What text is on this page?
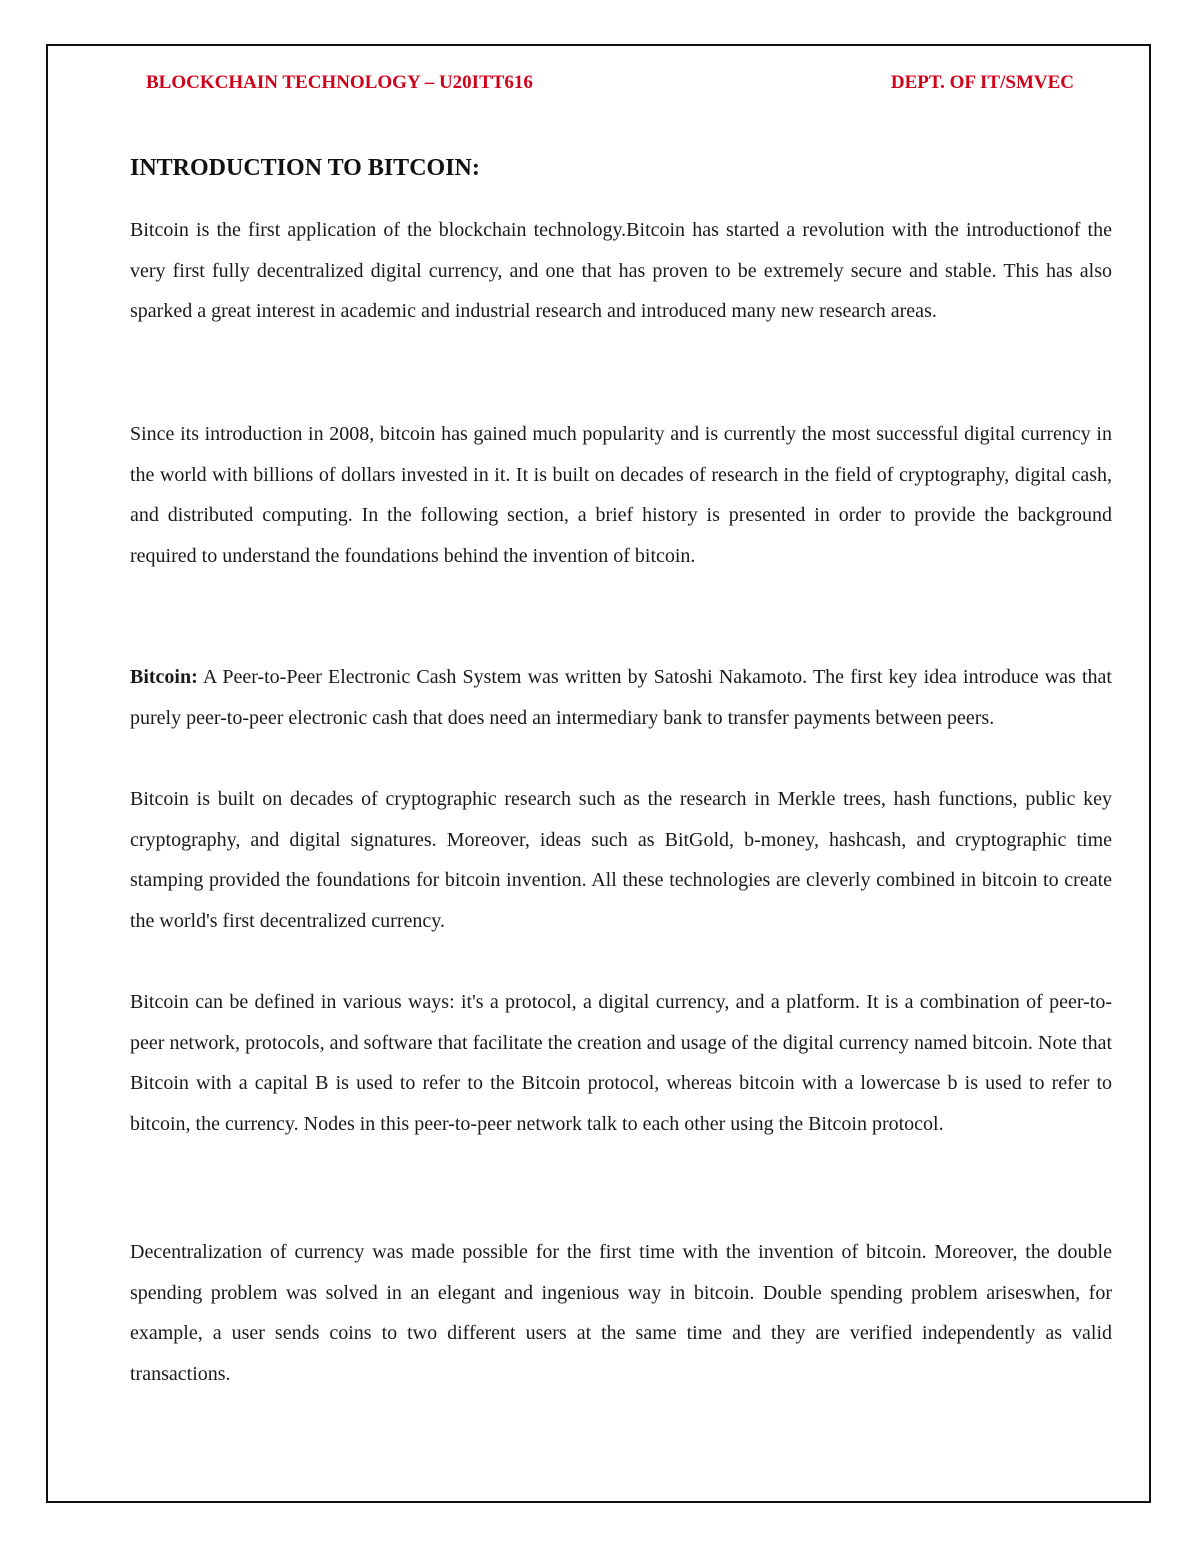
BLOCKCHAIN TECHNOLOGY – U20ITT616	DEPT. OF IT/SMVEC
INTRODUCTION TO BITCOIN:

Bitcoin is the first application of the blockchain technology.Bitcoin has started a revolution with the introductionof the very first fully decentralized digital currency, and one that has proven to be extremely secure and stable. This has also sparked a great interest in academic and industrial research and introduced many new research areas.

Since its introduction in 2008, bitcoin has gained much popularity and is currently the most successful digital currency in the world with billions of dollars invested in it. It is built on decades of research in the field of cryptography, digital cash, and distributed computing. In the following section, a brief history is presented in order to provide the background required to understand the foundations behind the invention of bitcoin.

Bitcoin: A Peer-to-Peer Electronic Cash System was written by Satoshi Nakamoto. The first key idea introduce was that purely peer-to-peer electronic cash that does need an intermediary bank to transfer payments between peers.

Bitcoin is built on decades of cryptographic research such as the research in Merkle trees, hash functions, public key cryptography, and digital signatures. Moreover, ideas such as BitGold, b-money, hashcash, and cryptographic time stamping provided the foundations for bitcoin invention. All these technologies are cleverly combined in bitcoin to create the world's first decentralized currency.

Bitcoin can be defined in various ways: it's a protocol, a digital currency, and a platform. It is a combination of peer-to-peer network, protocols, and software that facilitate the creation and usage of the digital currency named bitcoin. Note that Bitcoin with a capital B is used to refer to the Bitcoin protocol, whereas bitcoin with a lowercase b is used to refer to bitcoin, the currency. Nodes in this peer-to-peer network talk to each other using the Bitcoin protocol.

Decentralization of currency was made possible for the first time with the invention of bitcoin. Moreover, the double spending problem was solved in an elegant and ingenious way in bitcoin. Double spending problem ariseswhen, for example, a user sends coins to two different users at the same time and they are verified independently as valid transactions.
